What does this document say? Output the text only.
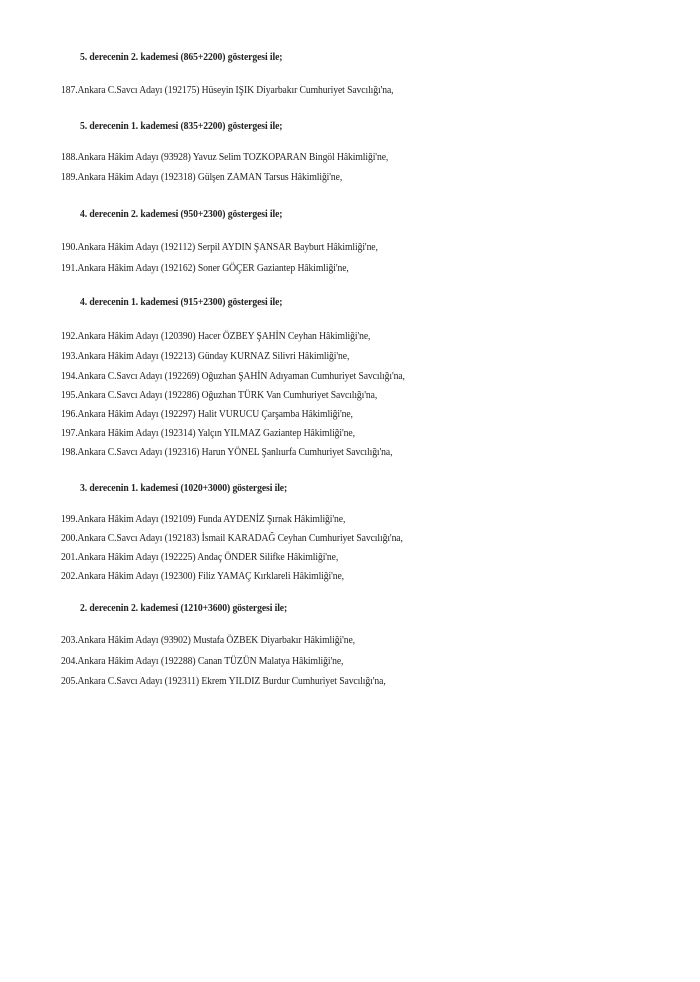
5. derecenin 2. kademesi (865+2200) göstergesi ile;
187.Ankara C.Savcı Adayı (192175) Hüseyin IŞIK Diyarbakır Cumhuriyet Savcılığı'na,
5. derecenin 1. kademesi (835+2200) göstergesi ile;
188.Ankara Hâkim Adayı (93928) Yavuz Selim TOZKOPARAN Bingöl Hâkimliği'ne,
189.Ankara Hâkim Adayı (192318) Gülşen ZAMAN Tarsus Hâkimliği'ne,
4. derecenin 2. kademesi (950+2300) göstergesi ile;
190.Ankara Hâkim Adayı (192112) Serpil AYDIN ŞANSAR Bayburt Hâkimliği'ne,
191.Ankara Hâkim Adayı (192162) Soner GÖÇER Gaziantep Hâkimliği'ne,
4. derecenin 1. kademesi (915+2300) göstergesi ile;
192.Ankara Hâkim Adayı (120390) Hacer ÖZBEY ŞAHİN Ceyhan Hâkimliği'ne,
193.Ankara Hâkim Adayı (192213) Günday KURNAZ Silivri Hâkimliği'ne,
194.Ankara C.Savcı Adayı (192269) Oğuzhan ŞAHİN Adıyaman Cumhuriyet Savcılığı'na,
195.Ankara C.Savcı Adayı (192286) Oğuzhan TÜRK Van Cumhuriyet Savcılığı'na,
196.Ankara Hâkim Adayı (192297) Halit VURUCU Çarşamba Hâkimliği'ne,
197.Ankara Hâkim Adayı (192314) Yalçın YILMAZ Gaziantep Hâkimliği'ne,
198.Ankara C.Savcı Adayı (192316) Harun YÖNEL Şanlıurfa Cumhuriyet Savcılığı'na,
3. derecenin 1. kademesi (1020+3000) göstergesi ile;
199.Ankara Hâkim Adayı (192109) Funda AYDENİZ Şırnak Hâkimliği'ne,
200.Ankara C.Savcı Adayı (192183) İsmail KARADAĞ Ceyhan Cumhuriyet Savcılığı'na,
201.Ankara Hâkim Adayı (192225) Andaç ÖNDER Silifke Hâkimliği'ne,
202.Ankara Hâkim Adayı (192300) Filiz YAMAÇ Kırklareli Hâkimliği'ne,
2. derecenin 2. kademesi (1210+3600) göstergesi ile;
203.Ankara Hâkim Adayı (93902) Mustafa ÖZBEK Diyarbakır Hâkimliği'ne,
204.Ankara Hâkim Adayı (192288) Canan TÜZÜN Malatya Hâkimliği'ne,
205.Ankara C.Savcı Adayı (192311) Ekrem YILDIZ Burdur Cumhuriyet Savcılığı'na,
